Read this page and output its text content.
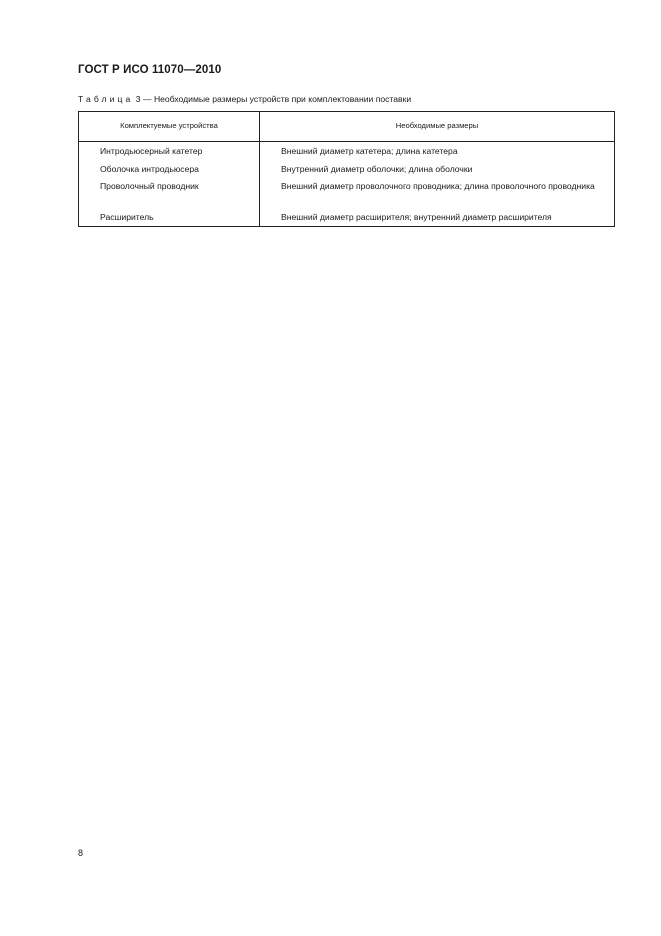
ГОСТ Р ИСО 11070—2010
Таблица 3 — Необходимые размеры устройств при комплектовании поставки
Комплектуемые устройства	Необходимые размеры
Интродьюсерный катетер	Внешний диаметр катетера; длина катетера
Оболочка интродьюсера	Внутренний диаметр оболочки; длина оболочки
Проволочный проводник	Внешний диаметр проволочного проводника; длина проволочного проводника
Расширитель	Внешний диаметр расширителя; внутренний диаметр расширителя
8
